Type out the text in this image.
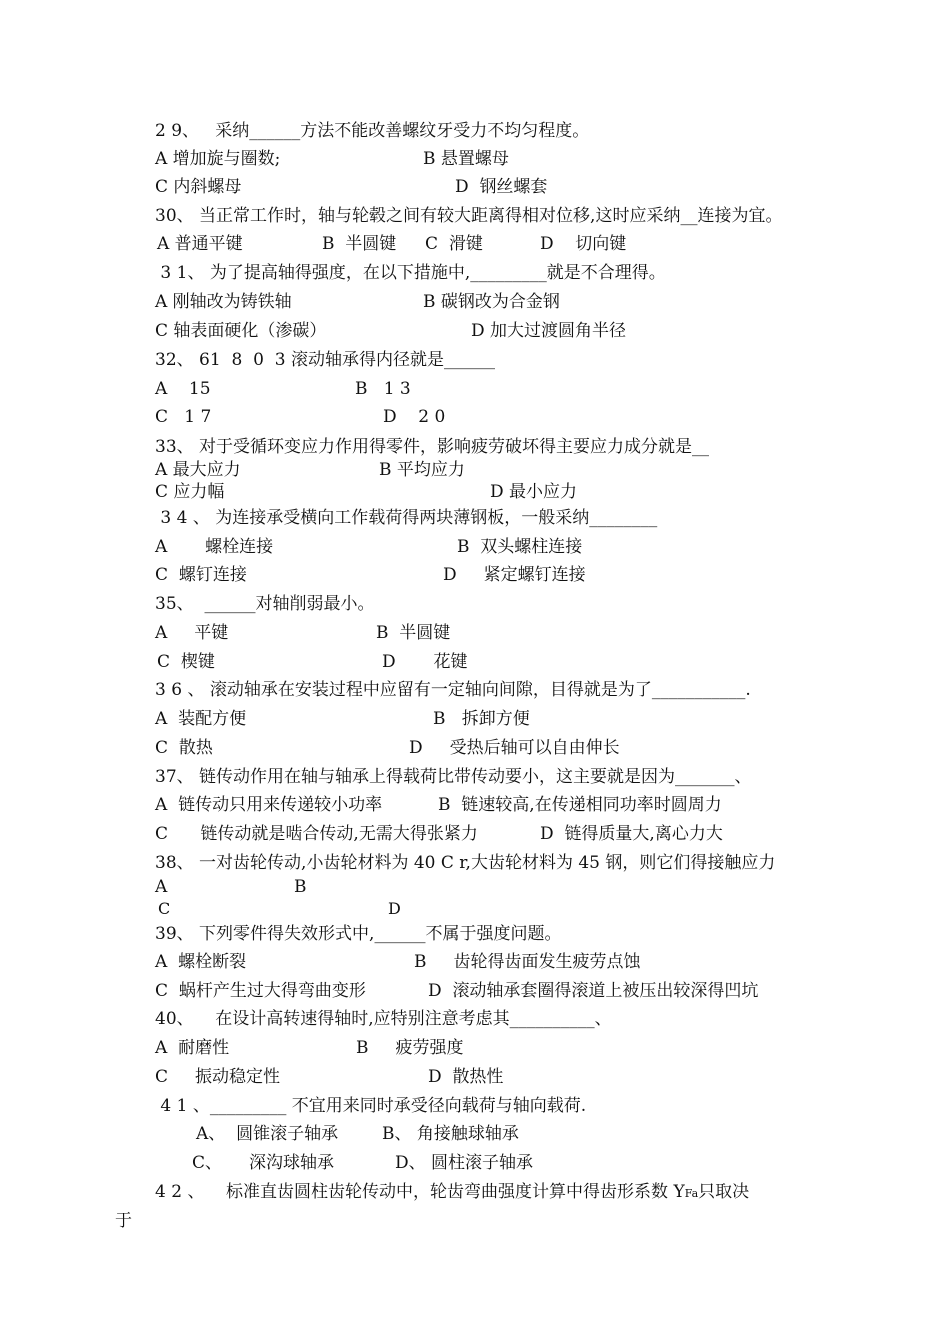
2 9、   采纳______方法不能改善螺纹牙受力不均匀程度。
A 增加旋与圈数;	B 悬置螺母
C 内斜螺母	D  钢丝螺套
30、 当正常工作时，轴与轮毂之间有较大距离得相对位移,这时应采纳__连接为宜。
A 普通平键	B  半圆键 C  滑键	D    切向键
3 1、 为了提高轴得强度，在以下措施中,_________就是不合理得。
A 刚轴改为铸铁轴	B 碳钢改为合金钢
C 轴表面硬化（渗碳）	D 加大过渡圆角半径
32、 61  8  0  3 滚动轴承得内径就是______
A    15	B   1 3
C   1 7	D    2 0
33、 对于受循环变应力作用得零件，影响疲劳破坏得主要应力成分就是__
A 最大应力	B 平均应力
C 应力幅	D 最小应力
3 4 、 为连接承受横向工作载荷得两块薄钢板，一般采纳________
A       螺栓连接	B  双头螺柱连接
C  螺钉连接	D     紧定螺钉连接
35、  ______对轴削弱最小。
A     平键	B  半圆键
C  楔键	D       花键
3 6 、 滚动轴承在安装过程中应留有一定轴向间隙，目得就是为了___________.
A  装配方便	B   拆卸方便
C  散热	D     受热后轴可以自由伸长
37、 链传动作用在轴与轴承上得载荷比带传动要小，这主要就是因为_______、
A  链传动只用来传递较小功率	B  链速较高,在传递相同功率时圆周力
C      链传动就是啮合传动,无需大得张紧力	D  链得质量大,离心力大
38、 一对齿轮传动,小齿轮材料为 40 C r,大齿轮材料为 45 钢，则它们得接触应力
A	B
C	D
39、 下列零件得失效形式中,______不属于强度问题。
A  螺栓断裂	B     齿轮得齿面发生疲劳点蚀
C  蜗杆产生过大得弯曲变形	D  滚动轴承套圈得滚道上被压出较深得凹坑
40、    在设计高转速得轴时,应特别注意考虑其__________、
A  耐磨性	B     疲劳强度
C     振动稳定性	D  散热性
4 1 、_________ 不宜用来同时承受径向载荷与轴向载荷.
A、  圆锥滚子轴承	B、 角接触球轴承
C、     深沟球轴承	D、 圆柱滚子轴承
4 2 、    标准直齿圆柱齿轮传动中，轮齿弯曲强度计算中得齿形系数 YFa只取决
于
